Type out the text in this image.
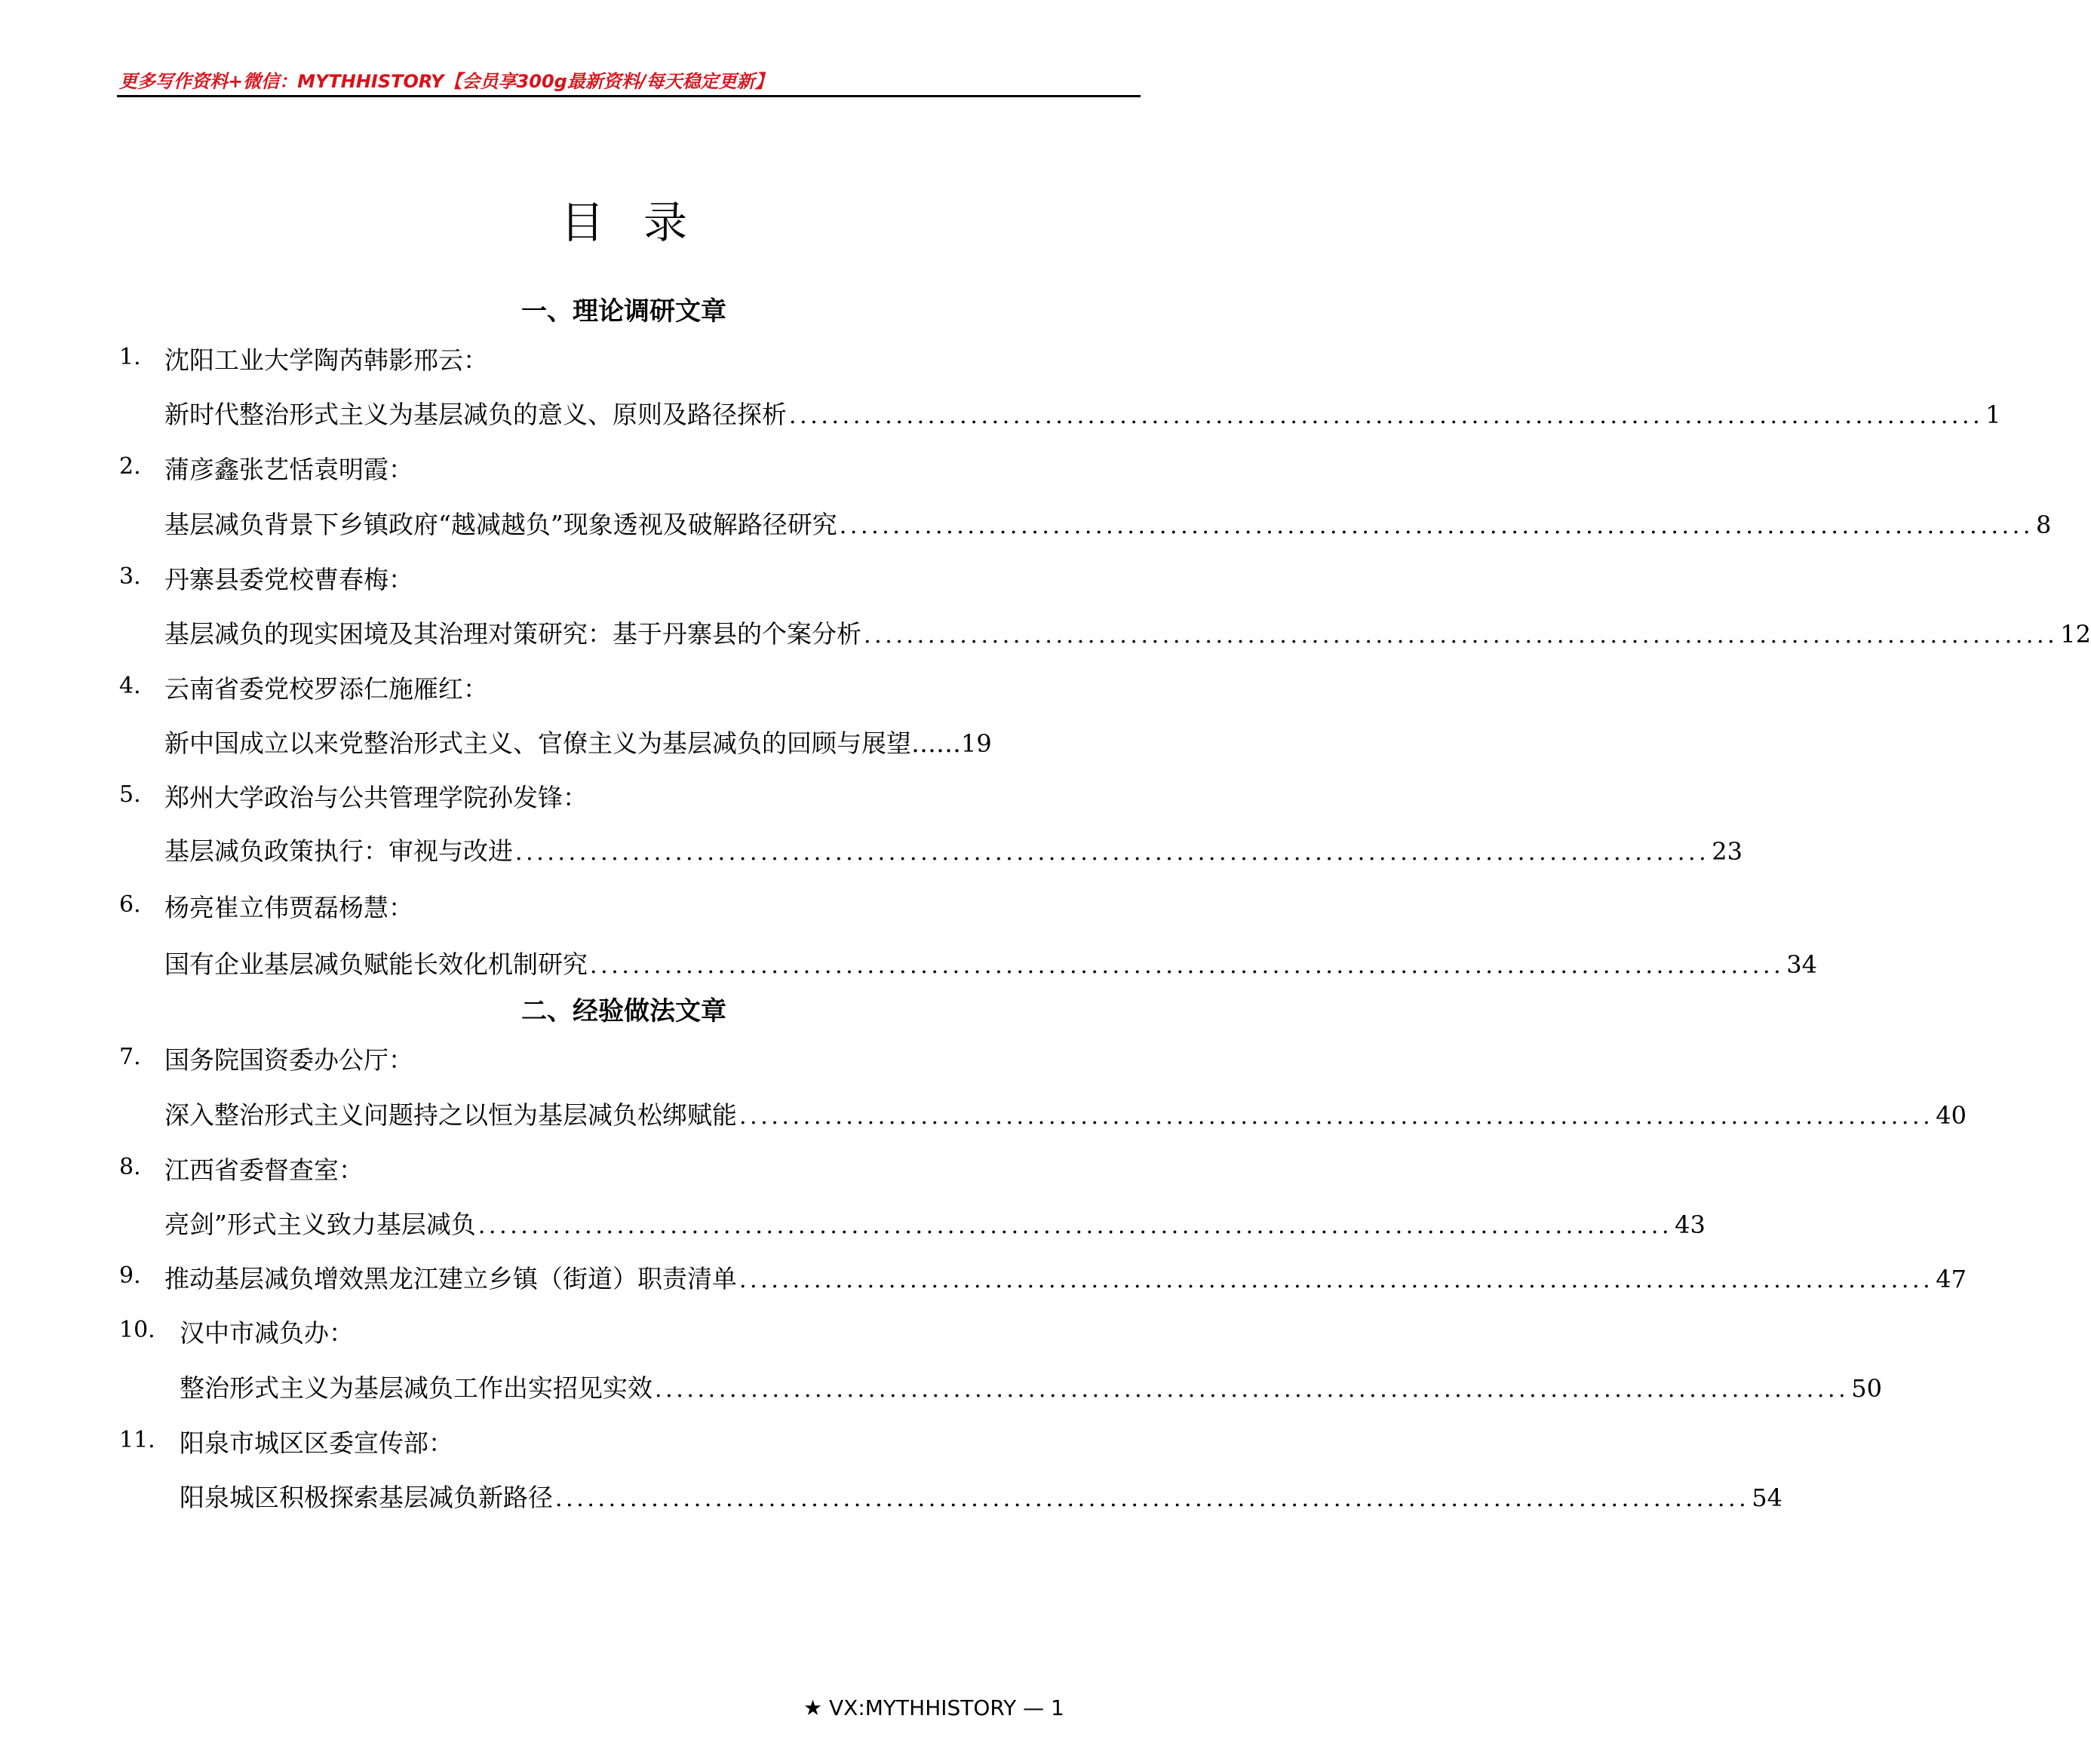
更多写作资料+微信：MYTHHISTORY【会员享300g最新资料/每天稳定更新】
目录
一、理论调研文章
1. 沈阳工业大学陶芮韩影邢云：
新时代整治形式主义为基层减负的意义、原则及路径探析 ................................................................................................................ 1
2. 蒲彦鑫张艺恬袁明霞：
基层减负背景下乡镇政府“越减越负”现象透视及破解路径研究 ................................................................................................................ 8
3. 丹寨县委党校曹春梅：
基层减负的现实困境及其治理对策研究：基于丹寨县的个案分析 ................................................................................................................ 12
4. 云南省委党校罗添仁施雁红：
新中国成立以来党整治形式主义、官僚主义为基层减负的回顾与展望…… 19
5. 郑州大学政治与公共管理学院孙发锋：
基层减负政策执行：审视与改进 ................................................................................................................ 23
6. 杨亮崔立伟贾磊杨慧：
国有企业基层减负赋能长效化机制研究 ................................................................................................................ 34
二、经验做法文章
7. 国务院国资委办公厅：
深入整治形式主义问题持之以恒为基层减负松绑赋能 ................................................................................................................ 40
8. 江西省委督查室：
亮剑”形式主义致力基层减负 ................................................................................................................ 43
9. 推动基层减负增效黑龙江建立乡镇（街道）职责清单 ................................................................................................................ 47
10. 汉中市减负办：
整治形式主义为基层减负工作出实招见实效 ................................................................................................................ 50
11. 阳泉市城区区委宣传部：
阳泉城区积极探索基层减负新路径 ................................................................................................................ 54
★ VX:MYTHHISTORY — 1
